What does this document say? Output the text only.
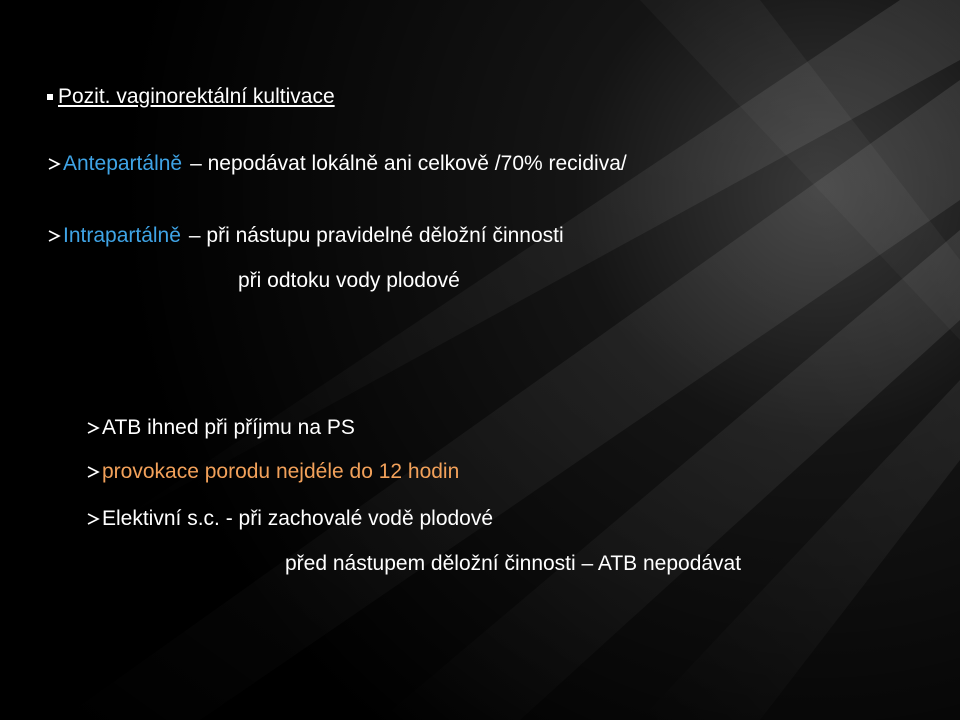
Pozit. vaginorektální kultivace
Antepartálně – nepodávat lokálně ani celkově /70% recidiva/
Intrapartálně – při nástupu pravidelné děložní činnosti
při odtoku vody plodové
ATB ihned při příjmu na PS
provokace porodu nejdéle do 12 hodin
Elektivní s.c. - při zachovalé vodě plodové
před nástupem děložní činnosti – ATB nepodávat
